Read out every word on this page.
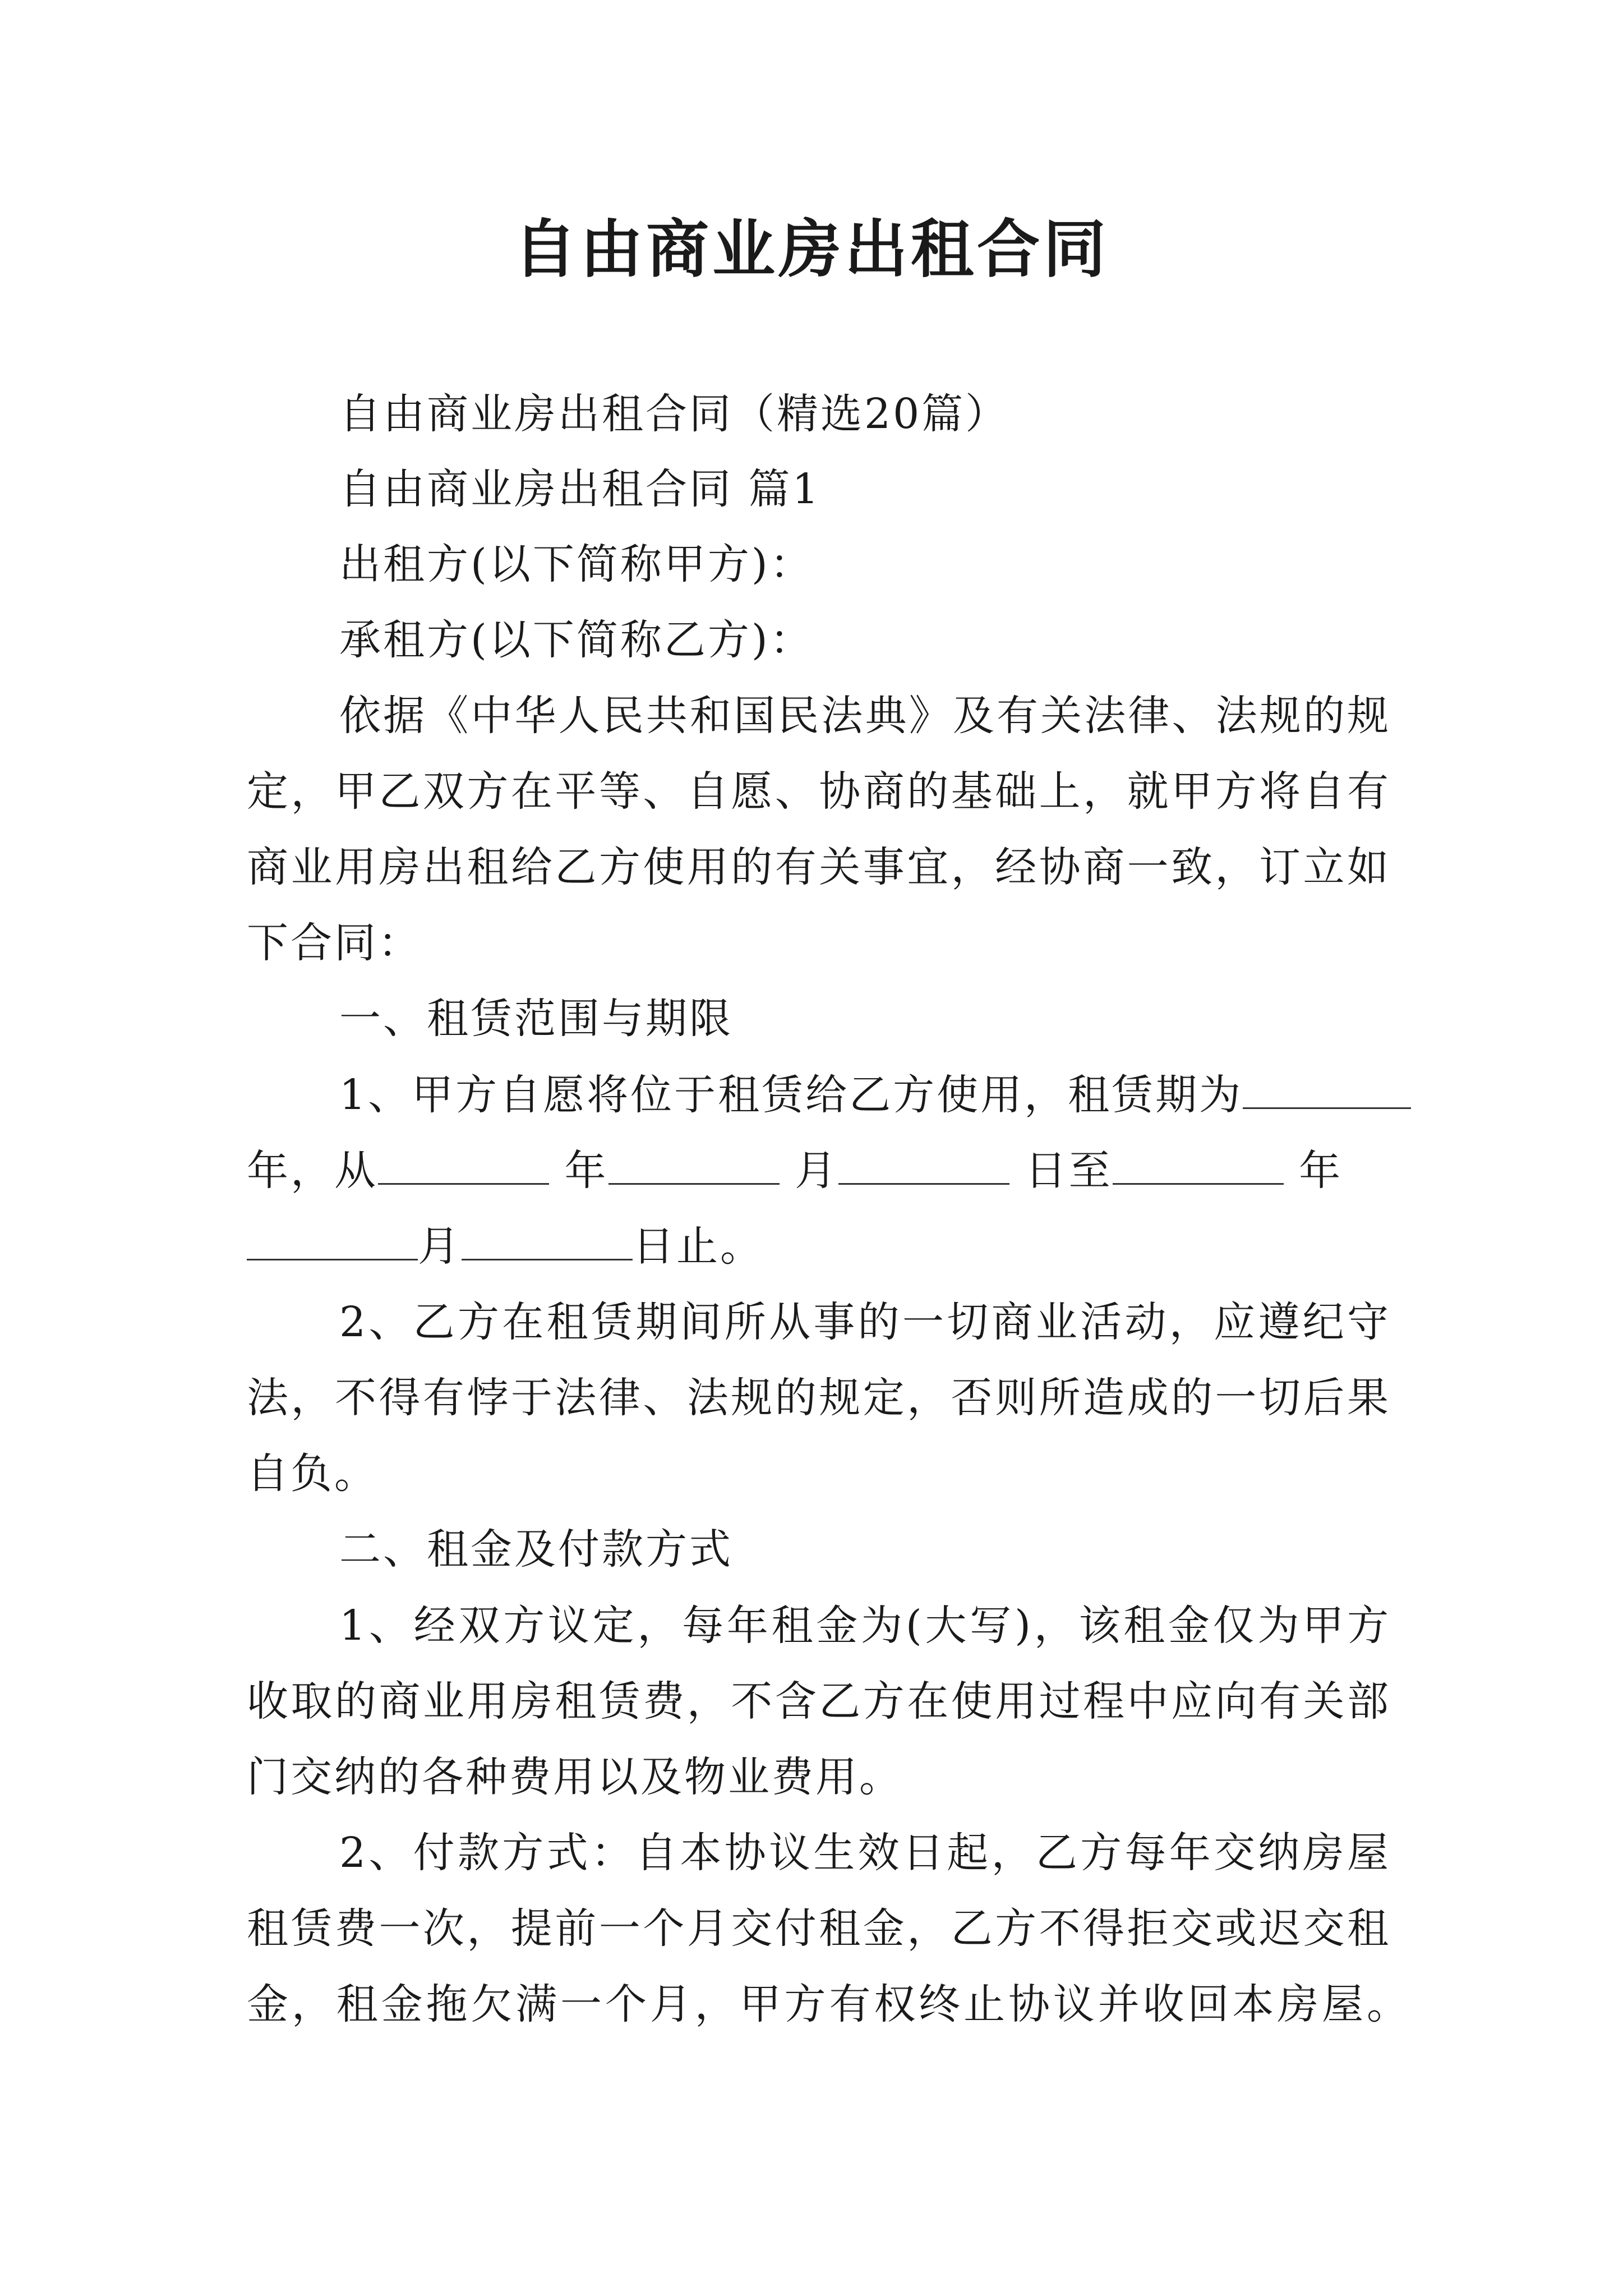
自由商业房出租合同
自由商业房出租合同（精选20篇）
自由商业房出租合同 篇1
出租方(以下简称甲方)：
承租方(以下简称乙方)：
依据《中华人民共和国民法典》及有关法律、法规的规
定，甲乙双方在平等、自愿、协商的基础上，就甲方将自有
商业用房出租给乙方使用的有关事宜，经协商一致，订立如
下合同：
一、租赁范围与期限
1、甲方自愿将位于租赁给乙方使用，租赁期为
年，从	年	月	日至	年
月	日止。
2、乙方在租赁期间所从事的一切商业活动，应遵纪守
法，不得有悖于法律、法规的规定，否则所造成的一切后果
自负。
二、租金及付款方式
1、经双方议定，每年租金为(大写)，该租金仅为甲方
收取的商业用房租赁费，不含乙方在使用过程中应向有关部
门交纳的各种费用以及物业费用。
2、付款方式：自本协议生效日起，乙方每年交纳房屋
租赁费一次，提前一个月交付租金，乙方不得拒交或迟交租
金，租金拖欠满一个月，甲方有权终止协议并收回本房屋。
